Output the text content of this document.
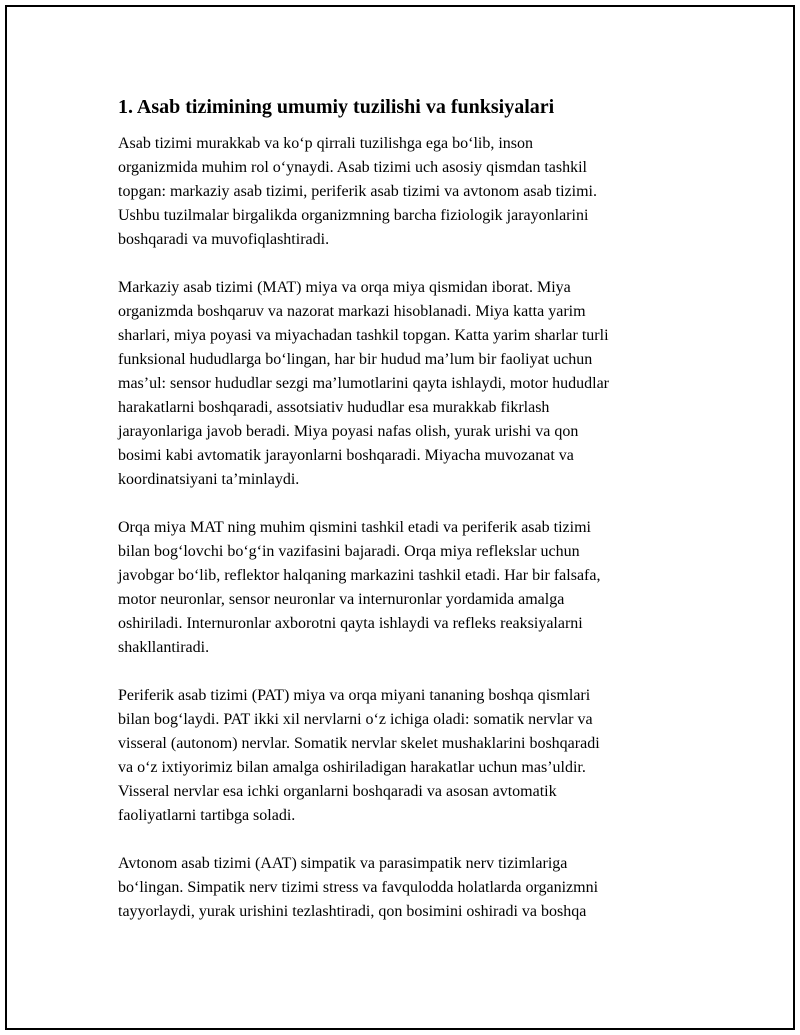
1. Asab tizimining umumiy tuzilishi va funksiyalari

Asab tizimi murakkab va koʻp qirrali tuzilishga ega boʻlib, inson
organizmida muhim rol oʻynaydi. Asab tizimi uch asosiy qismdan tashkil
topgan: markaziy asab tizimi, periferik asab tizimi va avtonom asab tizimi.
Ushbu tuzilmalar birgalikda organizmning barcha fiziologik jarayonlarini
boshqaradi va muvofiqlashtiradi.

Markaziy asab tizimi (MAT) miya va orqa miya qismidan iborat. Miya
organizmda boshqaruv va nazorat markazi hisoblanadi. Miya katta yarim
sharlari, miya poyasi va miyachadan tashkil topgan. Katta yarim sharlar turli
funksional hududlarga boʻlingan, har bir hudud maʼlum bir faoliyat uchun
masʼul: sensor hududlar sezgi maʼlumotlarini qayta ishlaydi, motor hududlar
harakatlarni boshqaradi, assotsiativ hududlar esa murakkab fikrlash
jarayonlariga javob beradi. Miya poyasi nafas olish, yurak urishi va qon
bosimi kabi avtomatik jarayonlarni boshqaradi. Miyacha muvozanat va
koordinatsiyani taʼminlaydi.

Orqa miya MAT ning muhim qismini tashkil etadi va periferik asab tizimi
bilan bogʻlovchi boʻgʻin vazifasini bajaradi. Orqa miya reflekslar uchun
javobgar boʻlib, reflektor halqaning markazini tashkil etadi. Har bir falsafa,
motor neuronlar, sensor neuronlar va internuronlar yordamida amalga
oshiriladi. Internuronlar axborotni qayta ishlaydi va refleks reaksiyalarni
shakllantiradi.

Periferik asab tizimi (PAT) miya va orqa miyani tananing boshqa qismlari
bilan bogʻlaydi. PAT ikki xil nervlarni oʻz ichiga oladi: somatik nervlar va
visseral (autonom) nervlar. Somatik nervlar skelet mushaklarini boshqaradi
va oʻz ixtiyorimiz bilan amalga oshiriladigan harakatlar uchun masʼuldir.
Visseral nervlar esa ichki organlarni boshqaradi va asosan avtomatik
faoliyatlarni tartibga soladi.

Avtonom asab tizimi (AAT) simpatik va parasimpatik nerv tizimlariga
boʻlingan. Simpatik nerv tizimi stress va favqulodda holatlarda organizmni
tayyorlaydi, yurak urishini tezlashtiradi, qon bosimini oshiradi va boshqa
